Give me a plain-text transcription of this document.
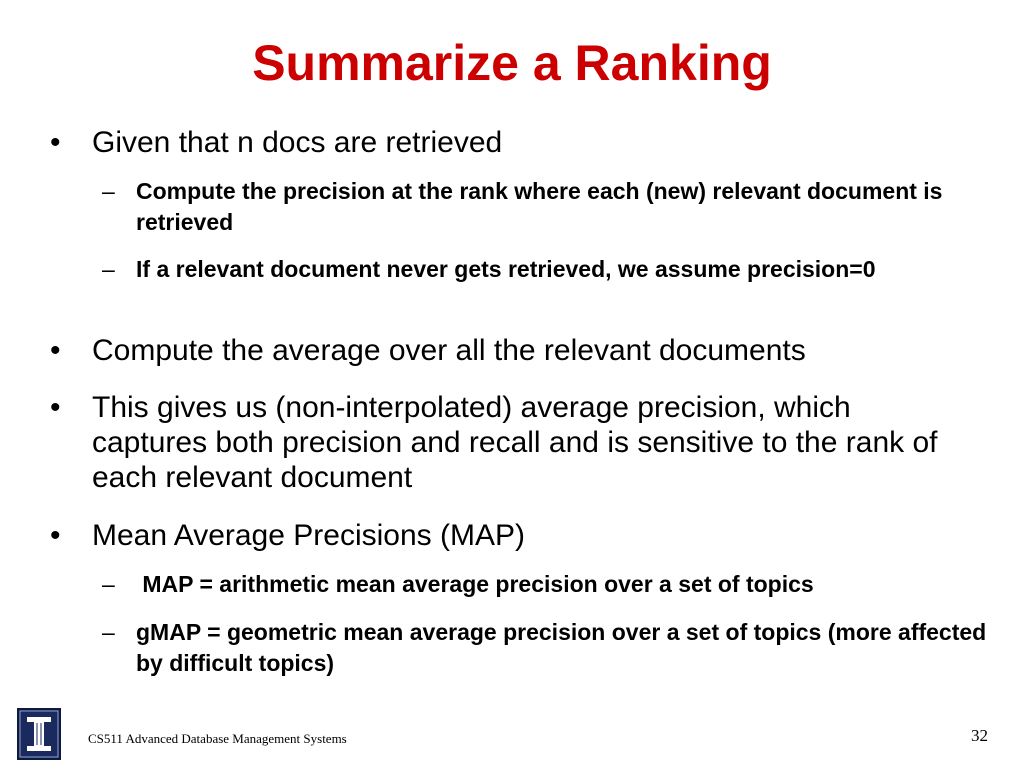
Summarize a Ranking
• Given that n docs are retrieved
– Compute the precision at the rank where each (new) relevant document is retrieved
– If a relevant document never gets retrieved, we assume precision=0
• Compute the average over all the relevant documents
• This gives us (non-interpolated) average precision, which captures both precision and recall and is sensitive to the rank of each relevant document
• Mean Average Precisions (MAP)
– MAP = arithmetic mean average precision over a set of topics
– gMAP = geometric mean average precision over a set of topics (more affected by difficult topics)
CS511 Advanced Database Management Systems	32
